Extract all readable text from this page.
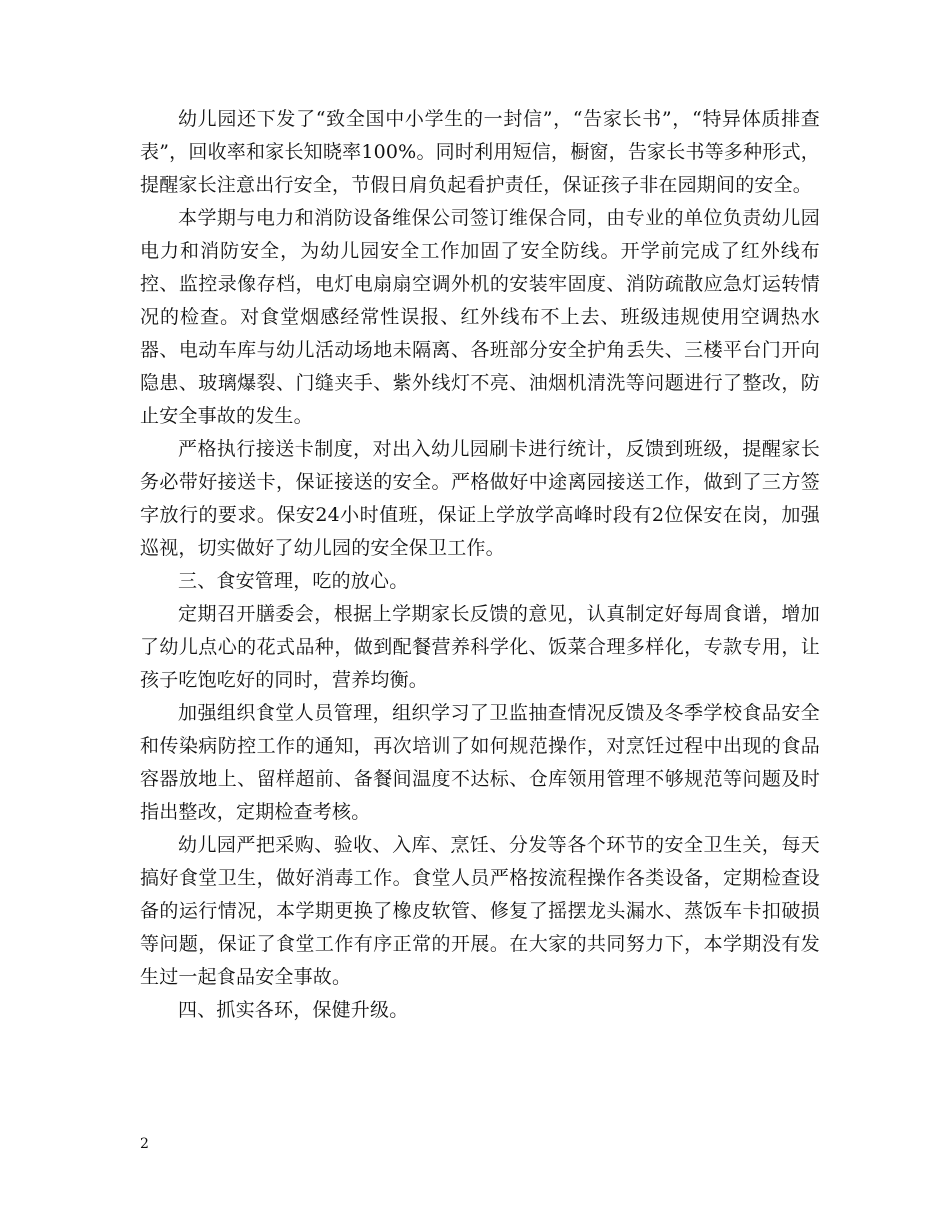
幼儿园还下发了“致全国中小学生的一封信”，“告家长书”，“特异体质排查表”，回收率和家长知晓率100%。同时利用短信，橱窗，告家长书等多种形式，提醒家长注意出行安全，节假日肩负起看护责任，保证孩子非在园期间的安全。

本学期与电力和消防设备维保公司签订维保合同，由专业的单位负责幼儿园电力和消防安全，为幼儿园安全工作加固了安全防线。开学前完成了红外线布控、监控录像存档，电灯电扇扇空调外机的安装牢固度、消防疏散应急灯运转情况的检查。对食堂烟感经常性误报、红外线布不上去、班级违规使用空调热水器、电动车库与幼儿活动场地未隔离、各班部分安全护角丢失、三楼平台门开向隐患、玻璃爆裂、门缝夹手、紫外线灯不亮、油烟机清洗等问题进行了整改，防止安全事故的发生。

严格执行接送卡制度，对出入幼儿园刷卡进行统计，反馈到班级，提醒家长务必带好接送卡，保证接送的安全。严格做好中途离园接送工作，做到了三方签字放行的要求。保安24小时值班，保证上学放学高峰时段有2位保安在岗，加强巡视，切实做好了幼儿园的安全保卫工作。

三、食安管理，吃的放心。

定期召开膳委会，根据上学期家长反馈的意见，认真制定好每周食谱，增加了幼儿点心的花式品种，做到配餐营养科学化、饭菜合理多样化，专款专用，让孩子吃饱吃好的同时，营养均衡。

加强组织食堂人员管理，组织学习了卫监抽查情况反馈及冬季学校食品安全和传染病防控工作的通知，再次培训了如何规范操作，对烹饪过程中出现的食品容器放地上、留样超前、备餐间温度不达标、仓库领用管理不够规范等问题及时指出整改，定期检查考核。

幼儿园严把采购、验收、入库、烹饪、分发等各个环节的安全卫生关，每天搞好食堂卫生，做好消毒工作。食堂人员严格按流程操作各类设备，定期检查设备的运行情况，本学期更换了橡皮软管、修复了摇摆龙头漏水、蒸饭车卡扣破损等问题，保证了食堂工作有序正常的开展。在大家的共同努力下，本学期没有发生过一起食品安全事故。

四、抓实各环，保健升级。

2
